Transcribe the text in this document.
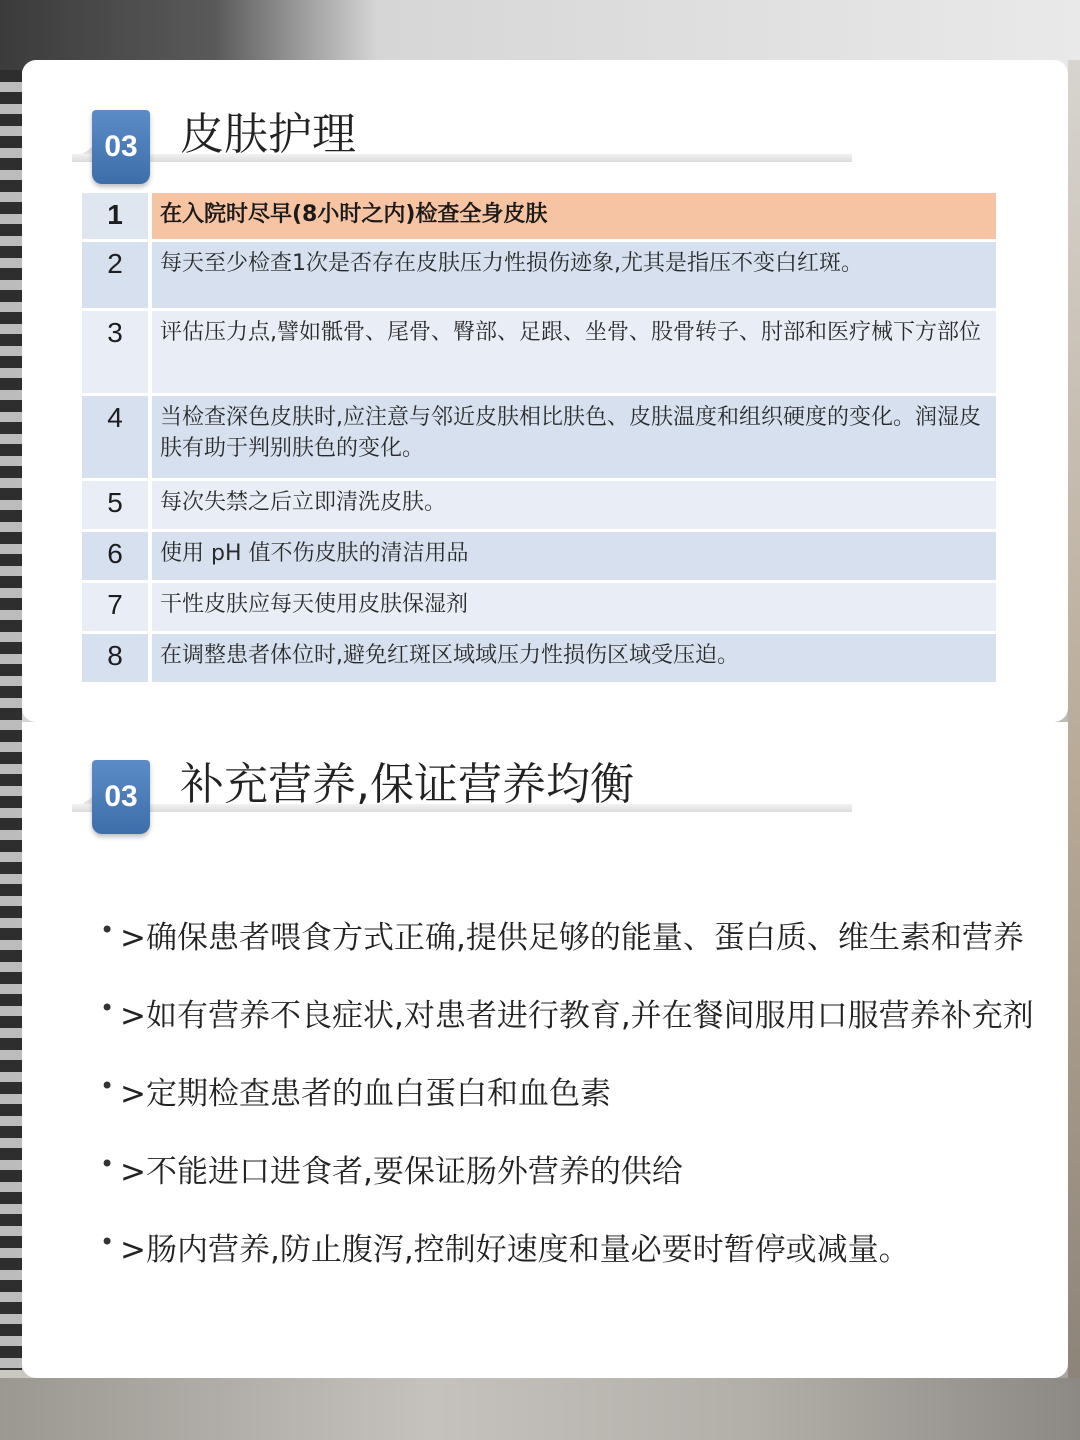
03 皮肤护理
1		在入院时尽早(8小时之内)检查全身皮肤
2		每天至少检查1次是否存在皮肤压力性损伤迹象,尤其是指压不变白红斑。
3		评估压力点,譬如骶骨、尾骨、臀部、足跟、坐骨、股骨转子、肘部和医疗械下方部位
4		当检查深色皮肤时,应注意与邻近皮肤相比肤色、皮肤温度和组织硬度的变化。润湿皮肤有助于判别肤色的变化。
5		每次失禁之后立即清洗皮肤。
6		使用 pH 值不伤皮肤的清洁用品
7		干性皮肤应每天使用皮肤保湿剂
8		在调整患者体位时,避免红斑区域域压力性损伤区域受压迫。
03 补充营养,保证营养均衡
• >确保患者喂食方式正确,提供足够的能量、蛋白质、维生素和营养
• >如有营养不良症状,对患者进行教育,并在餐间服用口服营养补充剂
• >定期检查患者的血白蛋白和血色素
• >不能进口进食者,要保证肠外营养的供给
• >肠内营养,防止腹泻,控制好速度和量必要时暂停或减量。
